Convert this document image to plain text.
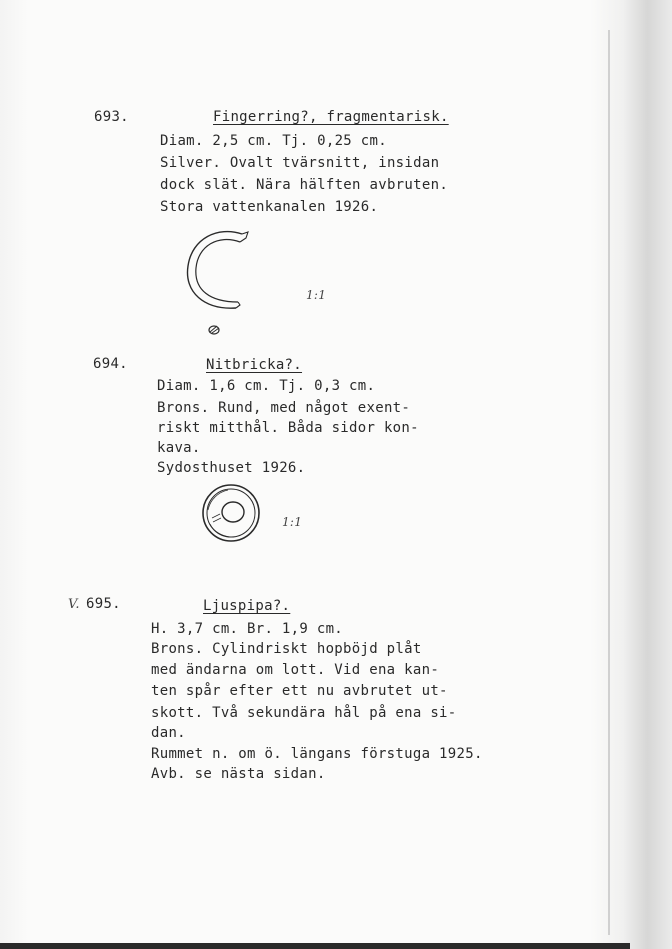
693.	Fingerring?, fragmentarisk.
Diam. 2,5 cm. Tj. 0,25 cm.
Silver. Ovalt tvärsnitt, insidan
dock slät. Nära hälften avbruten.
Stora vattenkanalen 1926.
1:1
694.	Nitbricka?.
Diam. 1,6 cm. Tj. 0,3 cm.
Brons. Rund, med något exent-
riskt mitthål. Båda sidor kon-
kava.
Sydosthuset 1926.
1:1
V. 695.	Ljuspipa?.
H. 3,7 cm. Br. 1,9 cm.
Brons. Cylindriskt hopböjd plåt
med ändarna om lott. Vid ena kan-
ten spår efter ett nu avbrutet ut-
skott. Två sekundära hål på ena si-
dan.
Rummet n. om ö. längans förstuga 1925.
Avb. se nästa sidan.
